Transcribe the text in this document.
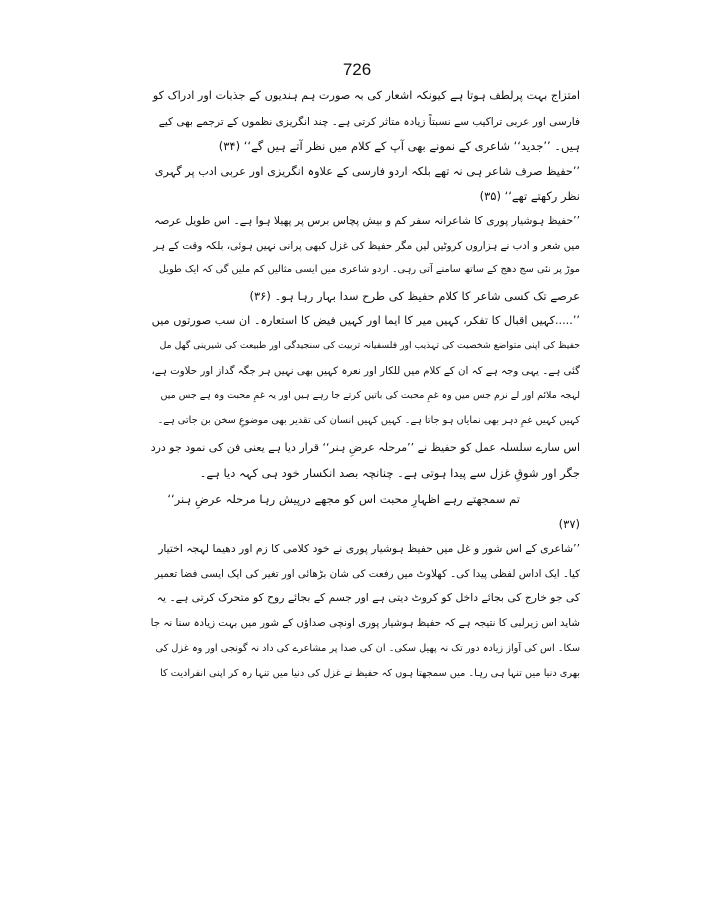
726
امتزاج بہت پرلطف ہوتا ہے کیونکہ اشعار کی بہ صورت ہم ہندیوں کے جذبات اور ادراک کو
فارسی اور عربی تراکیب سے نسبتاً زیادہ متاثر کرتی ہے۔ چند انگریزی نظموں کے ترجمے بھی کیے
ہیں۔ ’’جدید‘‘ شاعری کے نمونے بھی آپ کے کلام میں نظر آتے ہیں گے‘‘ (۳۴)
’’حفیظ صرف شاعر ہی نہ تھے بلکہ اردو فارسی کے علاوہ انگریزی اور عربی ادب پر گہری
نظر رکھتے تھے‘‘ (۳۵)
’’حفیظ ہوشیار پوری کا شاعرانہ سفر کم و بیش پچاس برس پر پھیلا ہوا ہے۔ اس طویل عرصہ
میں شعر و ادب نے ہزاروں کروٹیں لیں مگر حفیظ کی غزل کبھی پرانی نہیں ہوئی، بلکہ وقت کے ہر
موڑ پر نئی سج دھج کے ساتھ سامنے آتی رہی۔ اردو شاعری میں ایسی مثالیں کم ملیں گی کہ ایک طویل
عرصے تک کسی شاعر کا کلام حفیظ کی طرح سدا بہار رہا ہو۔ (۳۶)
’’.....کہیں اقبال کا تفکر، کہیں میر کا ایما اور کہیں فیض کا استعارہ۔ ان سب صورتوں میں
حفیظ کی اپنی متواضع شخصیت کی تہذیب اور فلسفیانہ تربیت کی سنجیدگی اور طبیعت کی شیرینی گھل مل
گئی ہے۔ یہی وجہ ہے کہ ان کے کلام میں للکار اور نعرہ کہیں بھی نہیں ہر جگہ گداز اور حلاوت ہے،
لہجہ ملائم اور لے نرم جس میں وہ غمِ محبت کی باتیں کرتے جا رہے ہیں اور یہ غمِ محبت وہ ہے جس میں
کہیں کہیں غمِ دہر بھی نمایاں ہو جاتا ہے۔ کہیں کہیں انسان کی تقدیر بھی موضوعِ سخن بن جاتی ہے۔
اس سارے سلسلہ عمل کو حفیظ نے ’’مرحلہ عرضِ ہنر‘‘ قرار دیا ہے یعنی فن کی نمود جو درد
جگر اور شوقِ غزل سے پیدا ہوتی ہے۔ چنانچہ بصد انکسار خود ہی کہہ دیا ہے۔
تم سمجھتے رہے اظہارِ محبت اس کو مجھے درپیش رہا مرحلہ عرضِ ہنر‘‘
(۳۷)
’’شاعری کے اس شور و غل میں حفیظ ہوشیار پوری نے خود کلامی کا زم اور دھیما لہجہ اختیار
کیا۔ ایک اداس لفظی پیدا کی۔ کھلاوٹ میں رفعت کی شان بڑھائی اور تغیر کی ایک ایسی فضا تعمیر
کی جو خارج کی بجائے داخل کو کروٹ دیتی ہے اور جسم کے بجائے روح کو متحرک کرتی ہے۔ یہ
شاید اس زیرلبی کا نتیجہ ہے کہ حفیظ ہوشیار پوری اونچی صداؤں کے شور میں بہت زیادہ سنا نہ جا
سکا۔ اس کی آواز زیادہ دور تک نہ پھیل سکی۔ ان کی صدا پر مشاعرے کی داد نہ گونجی اور وہ غزل کی
بھری دنیا میں تنہا ہی رہا۔ میں سمجھتا ہوں کہ حفیظ نے غزل کی دنیا میں تنہا رہ کر اپنی انفرادیت کا
